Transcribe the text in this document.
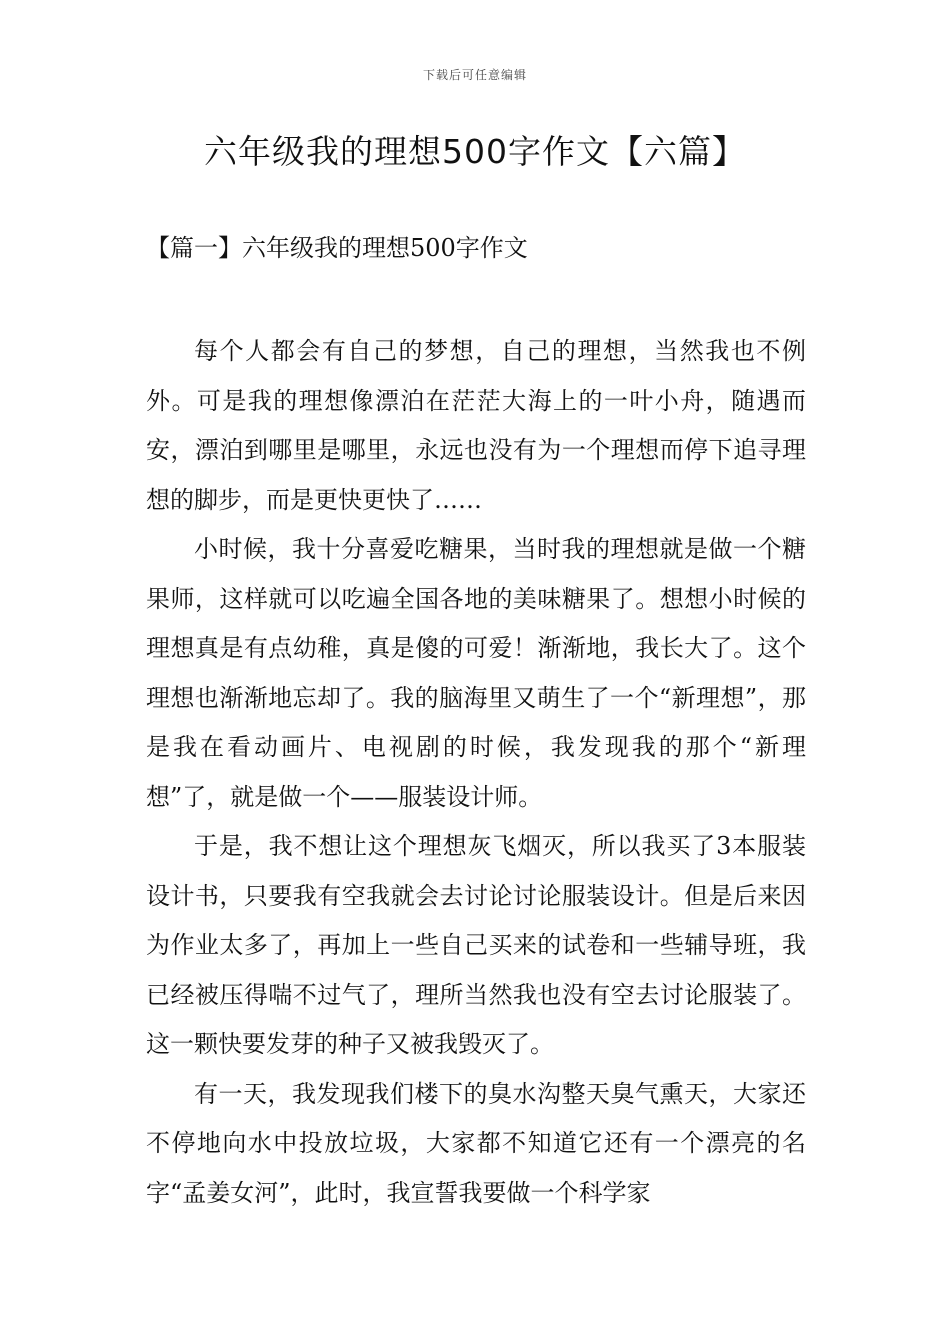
下载后可任意编辑
六年级我的理想500字作文【六篇】
【篇一】六年级我的理想500字作文

每个人都会有自己的梦想，自己的理想，当然我也不例外。可是我的理想像漂泊在茫茫大海上的一叶小舟，随遇而安，漂泊到哪里是哪里，永远也没有为一个理想而停下追寻理想的脚步，而是更快更快了……

小时候，我十分喜爱吃糖果，当时我的理想就是做一个糖果师，这样就可以吃遍全国各地的美味糖果了。想想小时候的理想真是有点幼稚，真是傻的可爱！渐渐地，我长大了。这个理想也渐渐地忘却了。我的脑海里又萌生了一个“新理想”，那是我在看动画片、电视剧的时候，我发现我的那个“新理想”了，就是做一个——服装设计师。

于是，我不想让这个理想灰飞烟灭，所以我买了3本服装设计书，只要我有空我就会去讨论讨论服装设计。但是后来因为作业太多了，再加上一些自己买来的试卷和一些辅导班，我已经被压得喘不过气了，理所当然我也没有空去讨论服装了。这一颗快要发芽的种子又被我毁灭了。

有一天，我发现我们楼下的臭水沟整天臭气熏天，大家还不停地向水中投放垃圾，大家都不知道它还有一个漂亮的名字“孟姜女河”，此时，我宣誓我要做一个科学家
